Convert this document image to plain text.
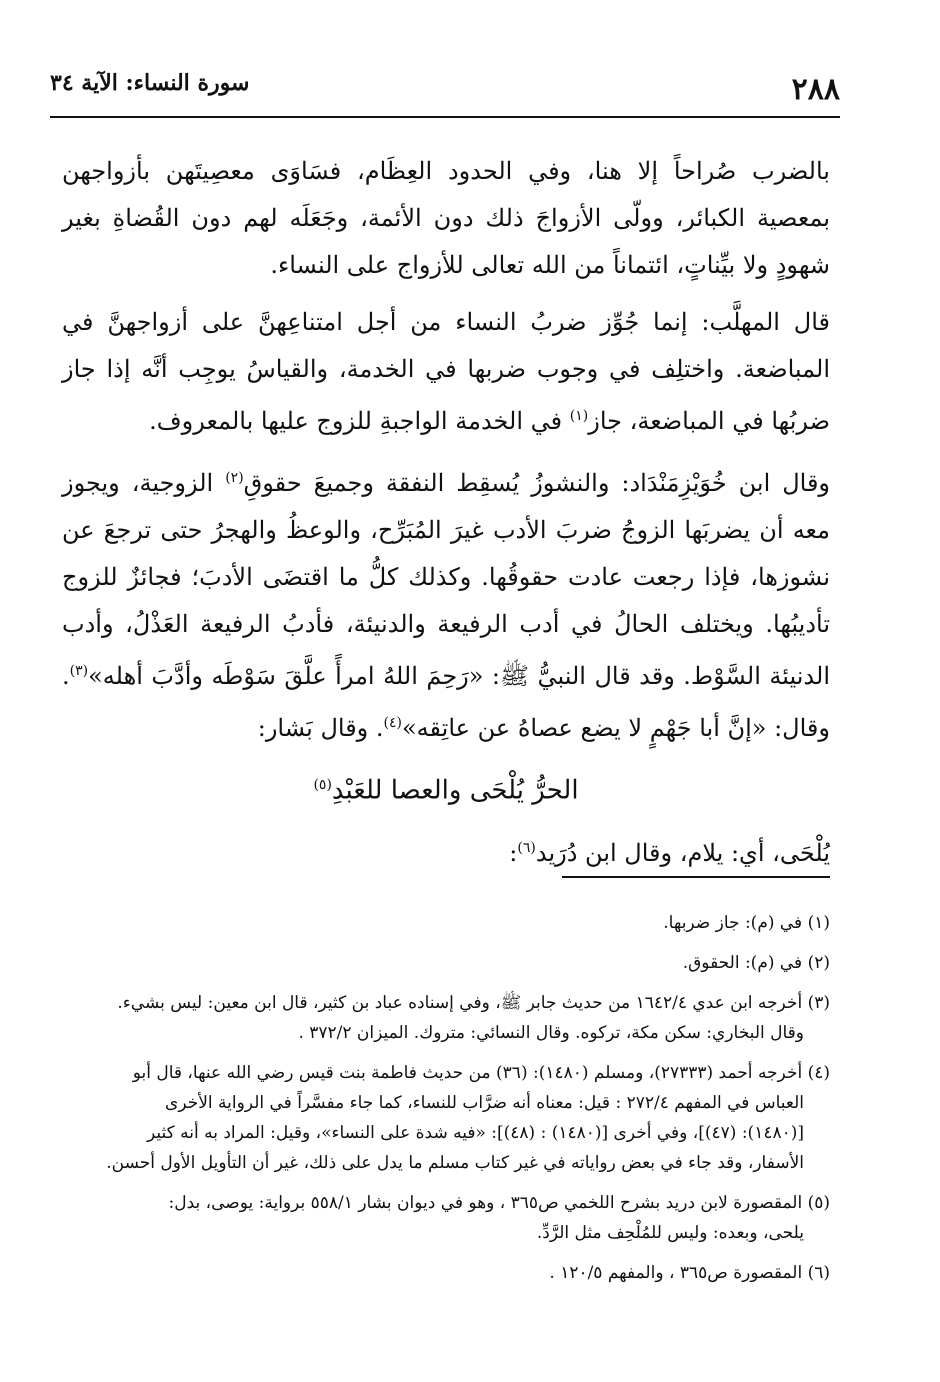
٢٨٨
سورة النساء: الآية ٣٤

بالضرب صُراحاً إلا هنا، وفي الحدود العِظَام، فسَاوَى معصِيتَهن بأزواجهن بمعصية الكبائر، وولّى الأزواجَ ذلك دون الأئمة، وجَعَلَه لهم دون القُضاةِ بغير شهودٍ ولا بيِّناتٍ، ائتماناً من الله تعالى للأزواج على النساء.

قال المهلَّب: إنما جُوِّز ضربُ النساء من أجل امتناعِهنَّ على أزواجهنَّ في المباضعة. واختلِف في وجوب ضربها في الخدمة، والقياسُ يوجِب أنَّه إذا جاز ضربُها في المباضعة، جاز$^{(١)}$ في الخدمة الواجبةِ للزوج عليها بالمعروف.

وقال ابن خُوَيْزِمَنْدَاد: والنشوزُ يُسقِط النفقة وجميعَ حقوقِ$^{(٢)}$ الزوجية، ويجوز معه أن يضربَها الزوجُ ضربَ الأدب غيرَ المُبَرِّح، والوعظُ والهجرُ حتى ترجعَ عن نشوزها، فإذا رجعت عادت حقوقُها. وكذلك كلُّ ما اقتضَى الأدبَ؛ فجائزٌ للزوج تأديبُها. ويختلف الحالُ في أدب الرفيعة والدنيئة، فأدبُ الرفيعة العَذْلُ، وأدب الدنيئة السَّوْط. وقد قال النبيُّ ﷺ: «رَحِمَ اللهُ امرأً علَّقَ سَوْطَه وأدَّبَ أهله»$^{(٣)}$. وقال: «إنَّ أبا جَهْمٍ لا يضع عصاهُ عن عاتِقه»$^{(٤)}$. وقال بَشار:

الحرُّ يُلْحَى والعصا للعَبْدِ$^{(٥)}$

يُلْحَى، أي: يلام، وقال ابن دُرَيد$^{(٦)}$:

(١) في (م): جاز ضربها.
(٢) في (م): الحقوق.
(٣) أخرجه ابن عدي ١٦٤٢/٤ من حديث جابر ﷺ، وفي إسناده عباد بن كثير، قال ابن معين: ليس بشيء.
وقال البخاري: سكن مكة، تركوه. وقال النسائي: متروك. الميزان ٣٧٢/٢ .
(٤) أخرجه أحمد (٢٧٣٣٣)، ومسلم (١٤٨٠): (٣٦) من حديث فاطمة بنت قيس رضي الله عنها، قال أبو
العباس في المفهم ٢٧٢/٤ : قيل: معناه أنه ضرَّاب للنساء، كما جاء مفسَّراً في الرواية الأخرى
[(١٤٨٠): (٤٧)]، وفي أخرى [(١٤٨٠) : (٤٨)]: «فيه شدة على النساء»، وقيل: المراد به أنه كثير
الأسفار، وقد جاء في بعض رواياته في غير كتاب مسلم ما يدل على ذلك، غير أن التأويل الأول أحسن.
(٥) المقصورة لابن دريد بشرح اللخمي ص٣٦٥ ، وهو في ديوان بشار ٥٥٨/١ برواية: يوصى، بدل:
يلحى، وبعده: وليس للمُلْحِف مثل الرَّدِّ.
(٦) المقصورة ص٣٦٥ ، والمفهم ١٢٠/٥ .
